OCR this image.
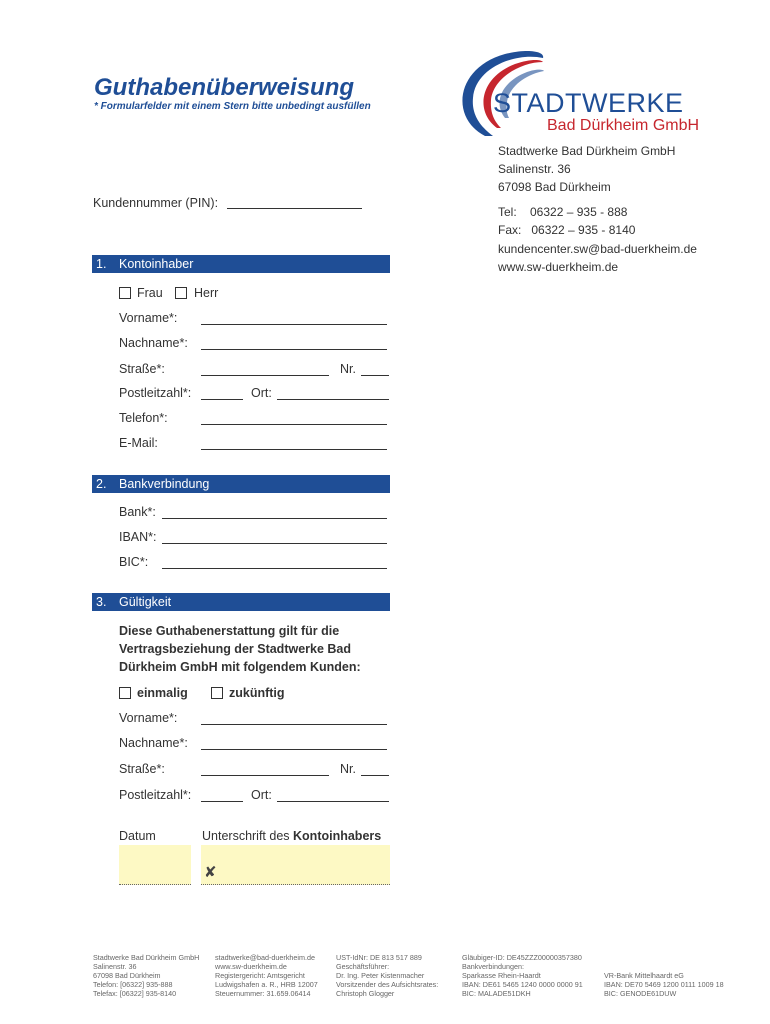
Guthabenüberweisung
* Formularfelder mit einem Stern bitte unbedingt ausfüllen	STADTWERKE
Bad Dürkheim GmbH
Stadtwerke Bad Dürkheim GmbH
Salinenstr. 36
67098 Bad Dürkheim
Tel:    06322 – 935 - 888
Fax:   06322 – 935 - 8140
kundencenter.sw@bad-duerkheim.de
www.sw-duerkheim.de
Kundennummer (PIN):
1. Kontoinhaber
Frau	Herr
Vorname*:
Nachname*:
Straße*:	Nr.
Postleitzahl*:	Ort:
Telefon*:
E-Mail:
2. Bankverbindung
Bank*:
IBAN*:
BIC*:
3. Gültigkeit
Diese Guthabenerstattung gilt für die
Vertragsbeziehung der Stadtwerke Bad
Dürkheim GmbH mit folgendem Kunden:
einmalig	zukünftig
Vorname*:
Nachname*:
Straße*:	Nr.
Postleitzahl*:	Ort:
Datum	Unterschrift des Kontoinhabers
✘
Stadtwerke Bad Dürkheim GmbH
Salinenstr. 36
67098 Bad Dürkheim
Telefon: [06322] 935-888
Telefax: [06322] 935-8140
stadtwerke@bad-duerkheim.de
www.sw-duerkheim.de
Registergericht: Amtsgericht
Ludwigshafen a. R., HRB 12007
Steuernummer: 31.659.06414
UST-IdNr: DE 813 517 889
Geschäftsführer:
Dr. Ing. Peter Kistenmacher
Vorsitzender des Aufsichtsrates:
Christoph Glogger
Gläubiger-ID: DE45ZZZ00000357380
Bankverbindungen:
Sparkasse Rhein-Haardt
IBAN: DE61 5465 1240 0000 0000 91
BIC: MALADE51DKH
VR-Bank Mittelhaardt eG
IBAN: DE70 5469 1200 0111 1009 18
BIC: GENODE61DUW
